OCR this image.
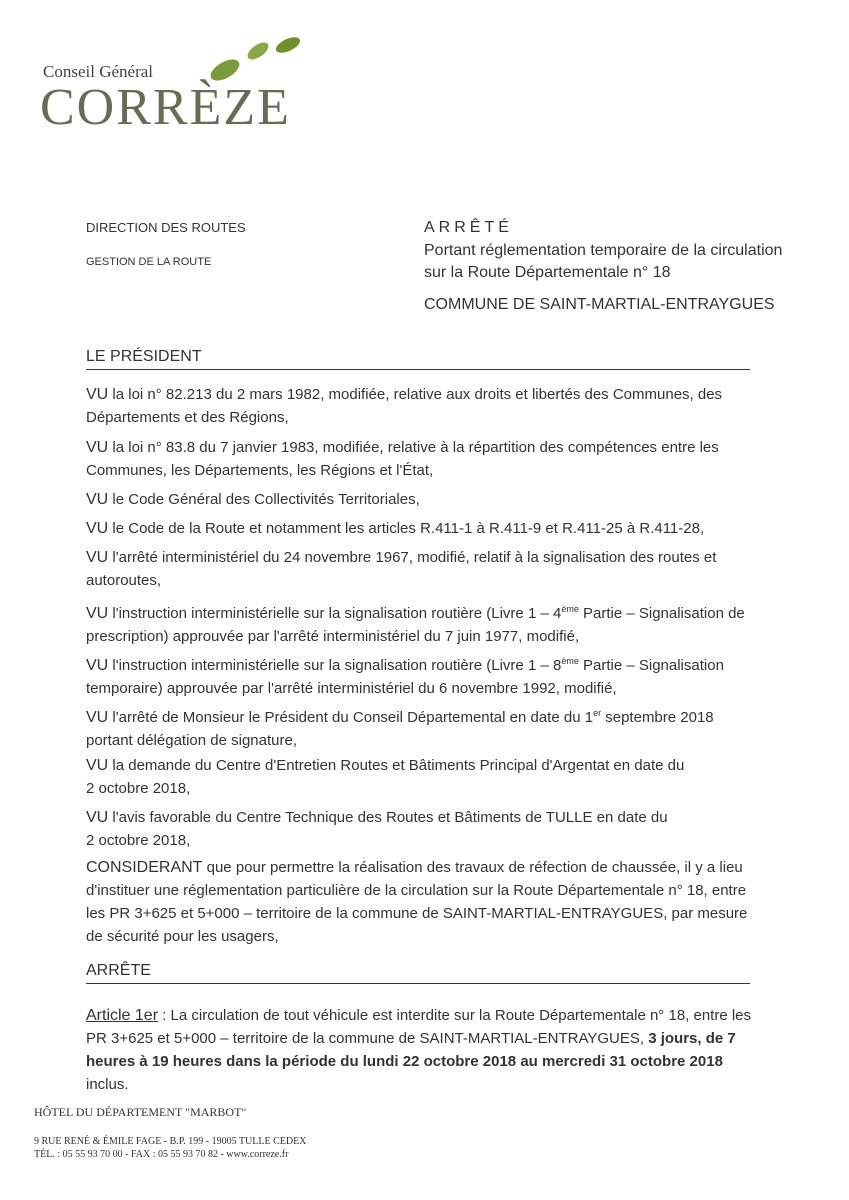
Conseil Général
CORRÈZE
DIRECTION DES ROUTES
GESTION DE LA ROUTE
ARRÊTÉ
Portant réglementation temporaire de la circulation
sur la Route Départementale n° 18
COMMUNE DE SAINT-MARTIAL-ENTRAYGUES
LE PRÉSIDENT
VU la loi n° 82.213 du 2 mars 1982, modifiée, relative aux droits et libertés des Communes, des
Départements et des Régions,
VU la loi n° 83.8 du 7 janvier 1983, modifiée, relative à la répartition des compétences entre les
Communes, les Départements, les Régions et l'État,
VU le Code Général des Collectivités Territoriales,
VU le Code de la Route et notamment les articles R.411-1 à R.411-9 et R.411-25 à R.411-28,
VU l'arrêté interministériel du 24 novembre 1967, modifié, relatif à la signalisation des routes et
autoroutes,
VU l'instruction interministérielle sur la signalisation routière (Livre 1 – 4ème Partie – Signalisation de
prescription) approuvée par l'arrêté interministériel du 7 juin 1977, modifié,
VU l'instruction interministérielle sur la signalisation routière (Livre 1 – 8ème Partie – Signalisation
temporaire) approuvée par l'arrêté interministériel du 6 novembre 1992, modifié,
VU l'arrêté de Monsieur le Président du Conseil Départemental en date du 1er septembre 2018
portant délégation de signature,
VU la demande du Centre d'Entretien Routes et Bâtiments Principal d'Argentat en date du
2 octobre 2018,
VU l'avis favorable du Centre Technique des Routes et Bâtiments de TULLE en date du
2 octobre 2018,
CONSIDERANT que pour permettre la réalisation des travaux de réfection de chaussée, il y a lieu
d'instituer une réglementation particulière de la circulation sur la Route Départementale n° 18, entre
les PR 3+625 et 5+000 – territoire de la commune de SAINT-MARTIAL-ENTRAYGUES, par mesure
de sécurité pour les usagers,
ARRÊTE
Article 1er : La circulation de tout véhicule est interdite sur la Route Départementale n° 18, entre les
PR 3+625 et 5+000 – territoire de la commune de SAINT-MARTIAL-ENTRAYGUES, 3 jours, de 7
heures à 19 heures dans la période du lundi 22 octobre 2018 au mercredi 31 octobre 2018
inclus.
HÔTEL DU DÉPARTEMENT "MARBOT"
9 RUE RENÉ & ÉMILE FAGE - B.P. 199 - 19005 TULLE CEDEX
TÉL. : 05 55 93 70 00 - FAX : 05 55 93 70 82 - www.correze.fr
